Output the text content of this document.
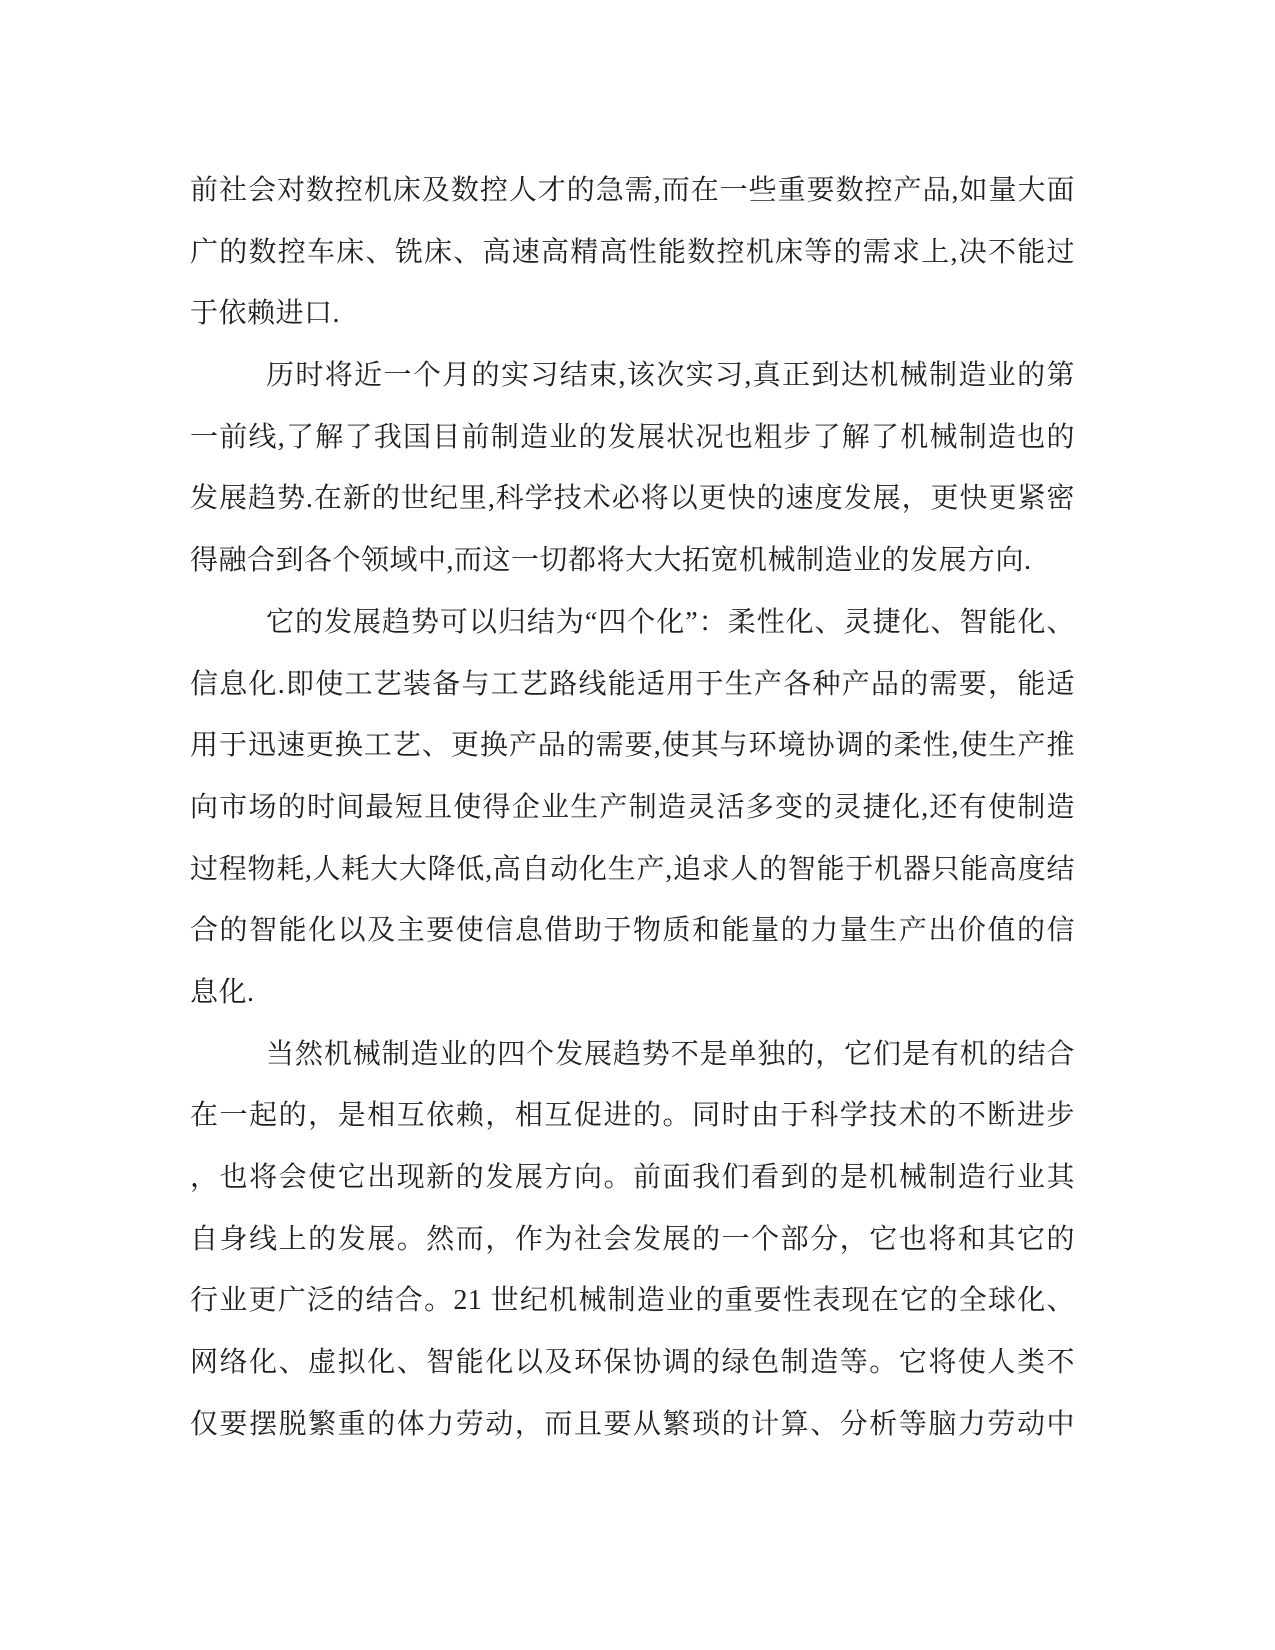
前社会对数控机床及数控人才的急需,而在一些重要数控产品,如量大面
广的数控车床、铣床、高速高精高性能数控机床等的需求上,决不能过
于依赖进口.
历时将近一个月的实习结束,该次实习,真正到达机械制造业的第
一前线,了解了我国目前制造业的发展状况也粗步了解了机械制造也的
发展趋势.在新的世纪里,科学技术必将以更快的速度发展，更快更紧密
得融合到各个领域中,而这一切都将大大拓宽机械制造业的发展方向.
它的发展趋势可以归结为“四个化”：柔性化、灵捷化、智能化、
信息化.即使工艺装备与工艺路线能适用于生产各种产品的需要，能适
用于迅速更换工艺、更换产品的需要,使其与环境协调的柔性,使生产推
向市场的时间最短且使得企业生产制造灵活多变的灵捷化,还有使制造
过程物耗,人耗大大降低,高自动化生产,追求人的智能于机器只能高度结
合的智能化以及主要使信息借助于物质和能量的力量生产出价值的信
息化.
当然机械制造业的四个发展趋势不是单独的，它们是有机的结合
在一起的，是相互依赖，相互促进的。同时由于科学技术的不断进步
，也将会使它出现新的发展方向。前面我们看到的是机械制造行业其
自身线上的发展。然而，作为社会发展的一个部分，它也将和其它的
行业更广泛的结合。21 世纪机械制造业的重要性表现在它的全球化、
网络化、虚拟化、智能化以及环保协调的绿色制造等。它将使人类不
仅要摆脱繁重的体力劳动，而且要从繁琐的计算、分析等脑力劳动中
